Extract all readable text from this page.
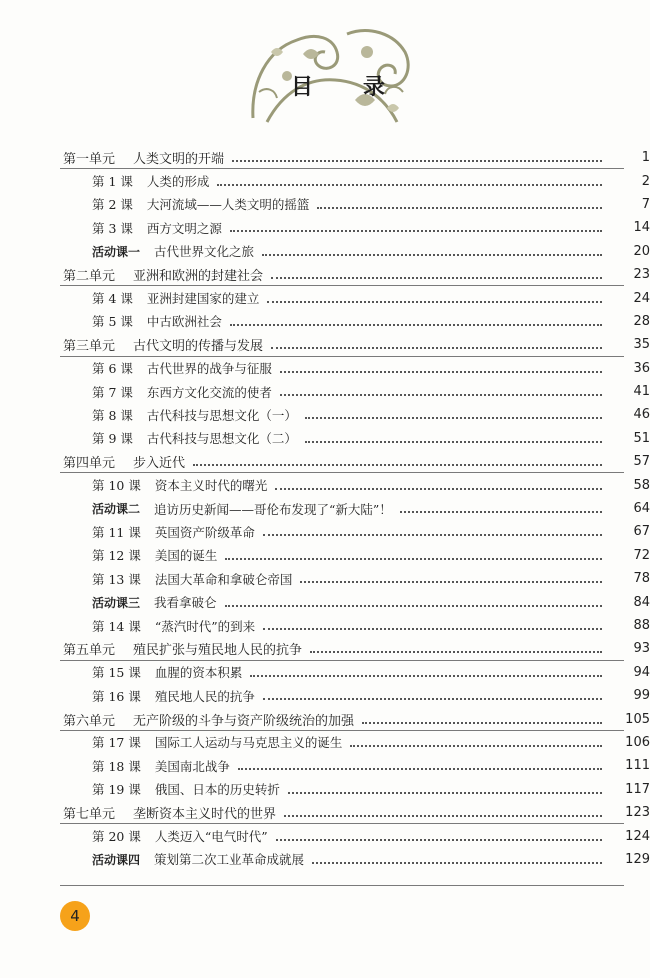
目 录
第一单元 人类文明的开端	1
第 1 课 人类的形成	2
第 2 课 大河流域——人类文明的摇篮	7
第 3 课 西方文明之源	14
活动课一 古代世界文化之旅	20
第二单元 亚洲和欧洲的封建社会	23
第 4 课 亚洲封建国家的建立	24
第 5 课 中古欧洲社会	28
第三单元 古代文明的传播与发展	35
第 6 课 古代世界的战争与征服	36
第 7 课 东西方文化交流的使者	41
第 8 课 古代科技与思想文化（一）	46
第 9 课 古代科技与思想文化（二）	51
第四单元 步入近代	57
第 10 课 资本主义时代的曙光	58
活动课二 追访历史新闻——哥伦布发现了“新大陆”！	64
第 11 课 英国资产阶级革命	67
第 12 课 美国的诞生	72
第 13 课 法国大革命和拿破仑帝国	78
活动课三 我看拿破仑	84
第 14 课 “蒸汽时代”的到来	88
第五单元 殖民扩张与殖民地人民的抗争	93
第 15 课 血腥的资本积累	94
第 16 课 殖民地人民的抗争	99
第六单元 无产阶级的斗争与资产阶级统治的加强	105
第 17 课 国际工人运动与马克思主义的诞生	106
第 18 课 美国南北战争	111
第 19 课 俄国、日本的历史转折	117
第七单元 垄断资本主义时代的世界	123
第 20 课 人类迈入“电气时代”	124
活动课四 策划第二次工业革命成就展	129
4
